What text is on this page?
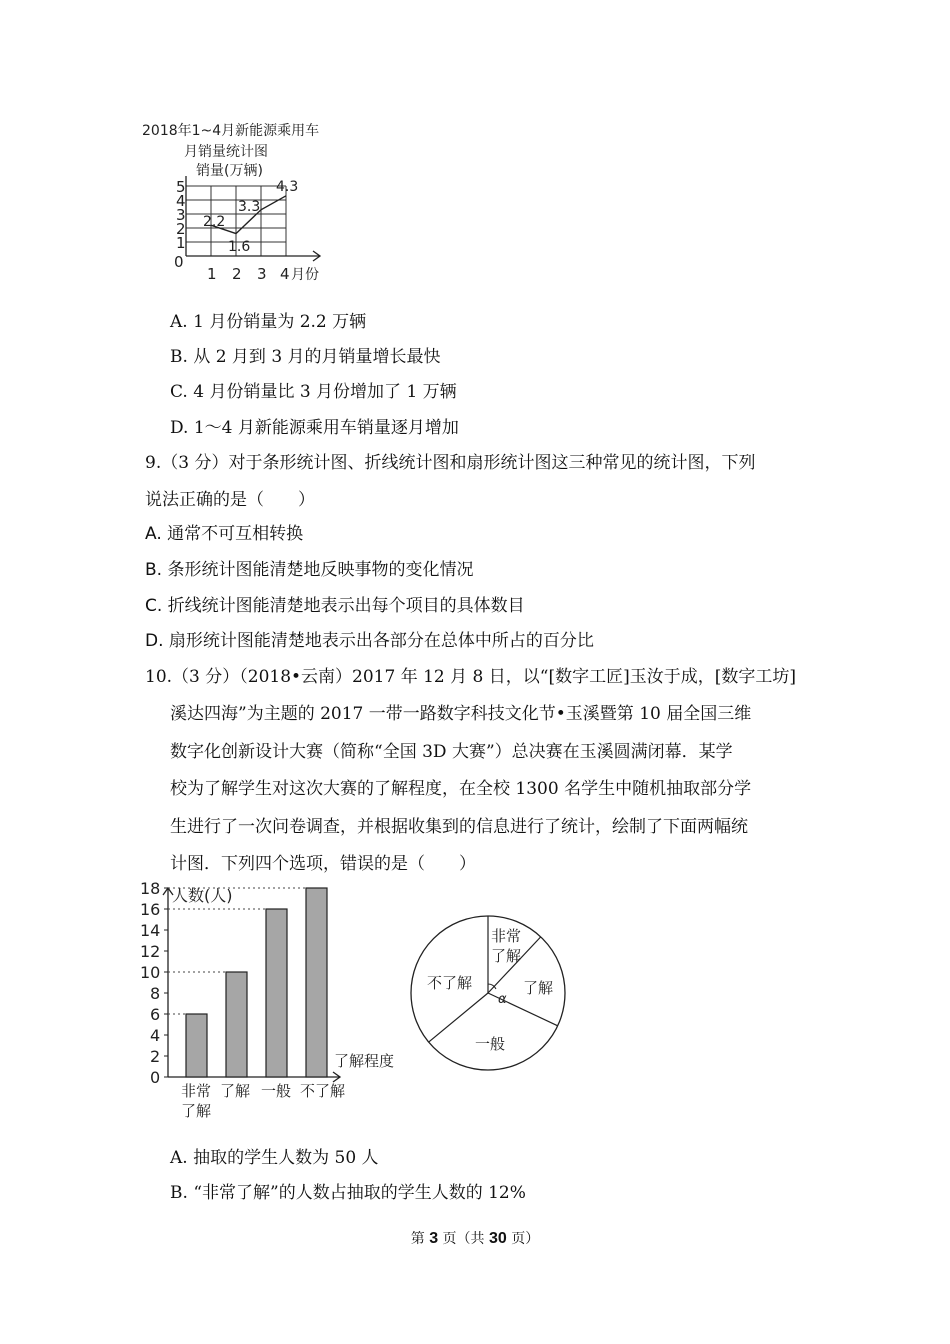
2018年1~4月新能源乘用车
月销量统计图
销量(万辆)
0
1
2
3
4
5
1 2 3 4 月份
2.2
1.6
3.3
4.3
A. 1 月份销量为 2.2 万辆
B. 从 2 月到 3 月的月销量增长最快
C. 4 月份销量比 3 月份增加了 1 万辆
D. 1～4 月新能源乘用车销量逐月增加
9.（3 分）对于条形统计图、折线统计图和扇形统计图这三种常见的统计图，下列
说法正确的是（　　）
A. 通常不可互相转换
B. 条形统计图能清楚地反映事物的变化情况
C. 折线统计图能清楚地表示出每个项目的具体数目
D. 扇形统计图能清楚地表示出各部分在总体中所占的百分比
10.（3 分）（2018•云南）2017 年 12 月 8 日，以“[数字工匠]玉汝于成，[数字工坊]
溪达四海”为主题的 2017 一带一路数字科技文化节•玉溪暨第 10 届全国三维
数字化创新设计大赛（简称“全国 3D 大赛”）总决赛在玉溪圆满闭幕．某学
校为了解学生对这次大赛的了解程度，在全校 1300 名学生中随机抽取部分学
生进行了一次问卷调查，并根据收集到的信息进行了统计，绘制了下面两幅统
计图．下列四个选项，错误的是（　　）
人数(人)
0
2
4
6
8
10
12
14
16
18
非常
了解
了解 一般 不了解
了解程度
非常
了解
了解
一般
不了解
α
A. 抽取的学生人数为 50 人
B. “非常了解”的人数占抽取的学生人数的 12%
第 3 页（共 30 页）
